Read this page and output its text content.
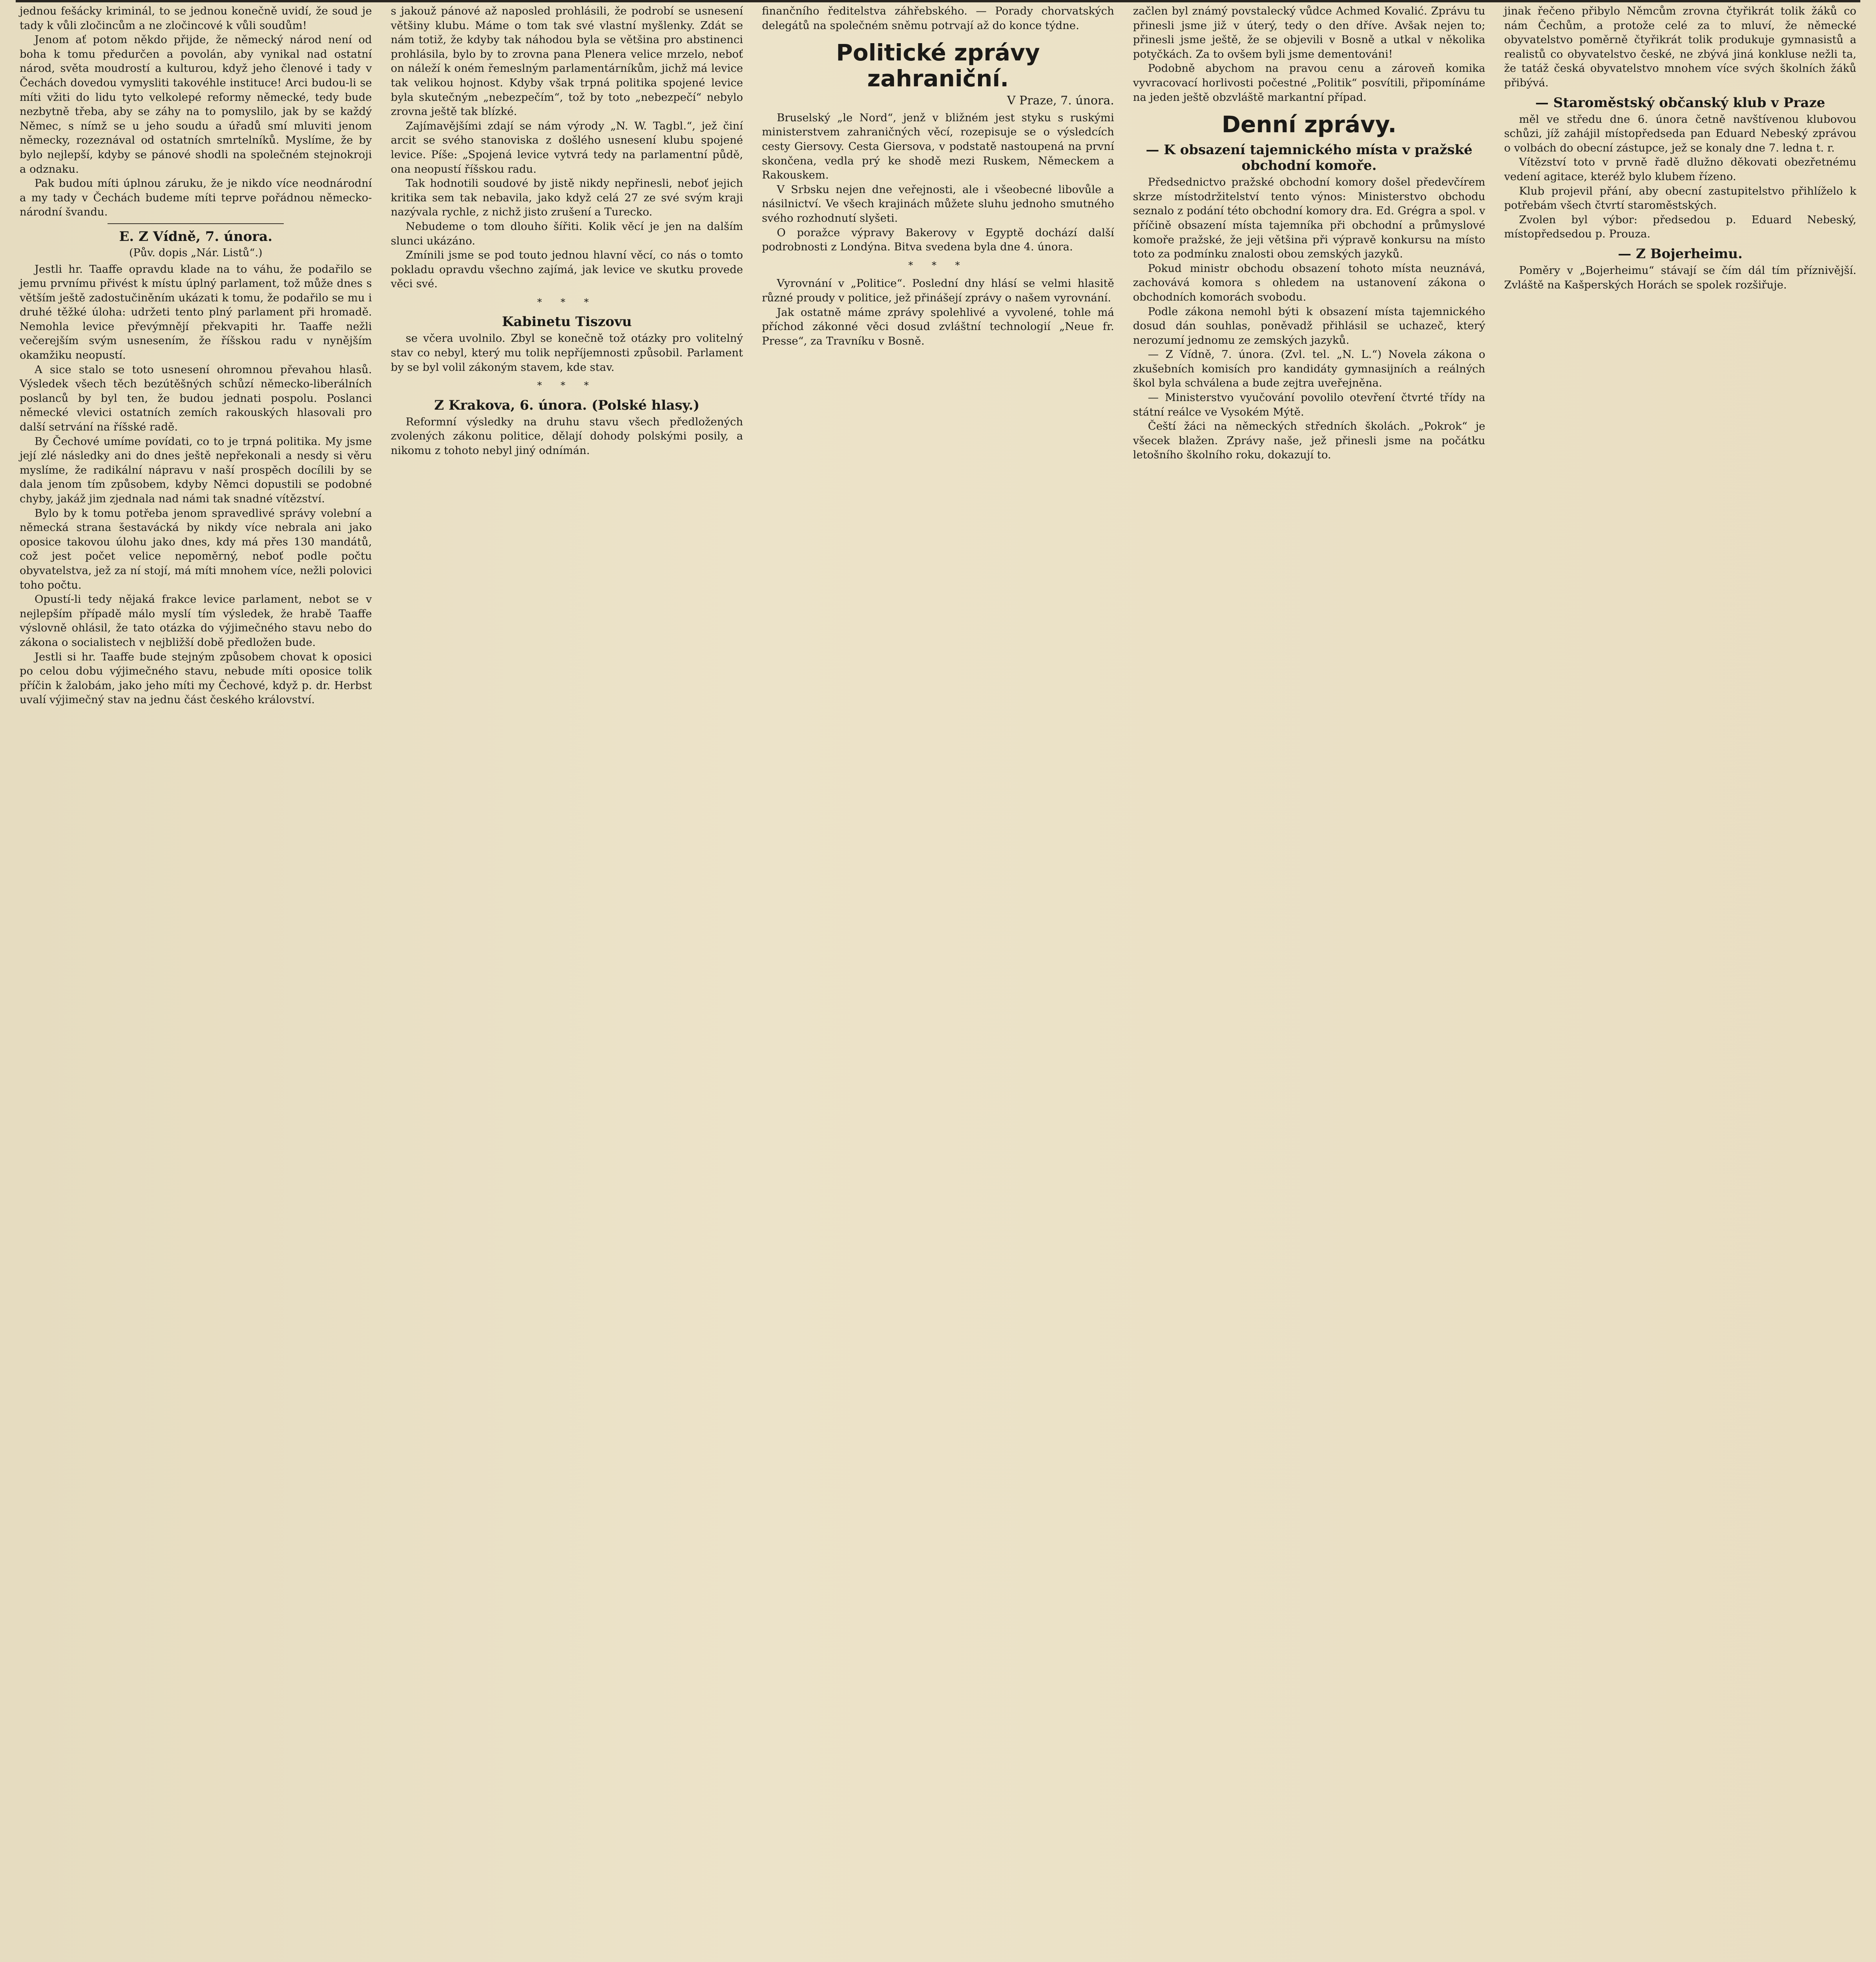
jednou fešácky kriminál, to se jednou konečně uvidí, že soud je tady k vůli zločincům a ne zločincové k vůli soudům!

Jenom ať potom někdo přijde, že německý národ není od boha k tomu předurčen a povolán, aby vynikal nad ostatní národ, světa moudrostí a kulturou, když jeho členové i tady v Čechách dovedou vymysliti takovéhle instituce! Arci budou-li se míti vžiti do lidu tyto velkolepé reformy německé, tedy bude nezbytně třeba, aby se záhy na to pomyslilo, jak by se každý Němec, s nímž se u jeho soudu a úřadů smí mluviti jenom německy, rozeznával od ostatních smrtelníků. Myslíme, že by bylo nejlepší, kdyby se pánové shodli na společném stejnokroji a odznaku.

Pak budou míti úplnou záruku, že je nikdo více neodnárodní a my tady v Čechách budeme míti teprve pořádnou německo-národní švandu.

E. Z Vídně, 7. února.
(Pův. dopis „Nár. Listů“.)

Jestli hr. Taaffe opravdu klade na to váhu, že podařilo se jemu prvnímu přivést k místu úplný parlament, tož může dnes s větším ještě zadostučiněním ukázati k tomu, že podařilo se mu i druhé těžké úloha: udržeti tento plný parlament při hromadě. Nemohla levice převýmnějí překvapiti hr. Taaffe nežli večerejším svým usnesením, že říšskou radu v nynějším okamžiku neopustí.

A sice stalo se toto usnesení ohromnou převahou hlasů. Výsledek všech těch bezútěšných schůzí německo-liberálních poslanců by byl ten, že budou jednati pospolu. Poslanci německé vlevici ostatních zemích rakouských hlasovali pro další setrvání na říšské radě.

By Čechové umíme povídati, co to je trpná politika. My jsme její zlé následky ani do dnes ještě nepřekonali a nesdy si věru myslíme, že radikální nápravu v naší prospěch docílili by se dala jenom tím způsobem, kdyby Němci dopustili se podobné chyby, jakáž jim zjednala nad námi tak snadné vítězství.

Bylo by k tomu potřeba jenom spravedlivé správy volební a německá strana šestavácká by nikdy více nebrala ani jako oposice takovou úlohu jako dnes, kdy má přes 130 mandátů, což jest počet velice nepoměrný, neboť podle počtu obyvatelstva, jež za ní stojí, má míti mnohem více, nežli polovici toho počtu.

Opustí-li tedy nějaká frakce levice parlament, nebot se v nejlepším případě málo myslí tím výsledek, že hrabě Taaffe výslovně ohlásil, že tato otázka do výjimečného stavu nebo do zákona o socialistech v nejbližší době předložen bude.

Jestli si hr. Taaffe bude stejným způsobem chovat k oposici po celou dobu výjimečného stavu, nebude míti oposice tolik příčin k žalobám, jako jeho míti my Čechové, když p. dr. Herbst uvalí výjimečný stav na jednu část českého království.

s jakouž pánové až naposled prohlásili, že podrobí se usnesení většiny klubu. Máme o tom tak své vlastní myšlenky. Zdát se nám totiž, že kdyby tak náhodou byla se většina pro abstinenci prohlásila, bylo by to zrovna pana Plenera velice mrzelo, neboť on náleží k oném řemeslným parlamentárníkům, jichž má levice tak velikou hojnost. Kdyby však trpná politika spojené levice byla skutečným „nebezpečím“, tož by toto „nebezpečí“ nebylo zrovna ještě tak blízké.

Zajímavějšími zdají se nám výrody „N. W. Tagbl.“, jež činí arcit se svého stanoviska z došlého usnesení klubu spojené levice. Píše: „Spojená levice vytvrá tedy na parlamentní půdě, ona neopustí říšskou radu.

Tak hodnotili soudové by jistě nikdy nepřinesli, neboť jejich kritika sem tak nebavila, jako když celá 27 ze své svým kraji nazývala rychle, z nichž jisto zrušení a Turecko.

Nebudeme o tom dlouho šířiti. Kolik věcí je jen na dalším slunci ukázáno.

Zmínili jsme se pod touto jednou hlavní věcí, co nás o tomto pokladu opravdu všechno zajímá, jak levice ve skutku provede věci své.

* * *
Kabinetu Tiszovu

se včera uvolnilo. Zbyl se konečně tož otázky pro volitelný stav co nebyl, který mu tolik nepříjemnosti způsobil. Parlament by se byl volil zákoným stavem, kde stav.

* * *
Z Krakova, 6. února. (Polské hlasy.)

Reformní výsledky na druhu stavu všech předložených zvolených zákonu politice, dělají dohody polskými posily, a nikomu z tohoto nebyl jiný odnímán.

finančního ředitelstva záhřebského. — Porady chorvatských delegátů na společném sněmu potrvají až do konce týdne.

Politické zprávy zahraniční.
V Praze, 7. února.

Bruselský „le Nord“, jenž v bližném jest styku s ruskými ministerstvem zahraničných věcí, rozepisuje se o výsledcích cesty Giersovy. Cesta Giersova, v podstatě nastoupená na první skončena, vedla prý ke shodě mezi Ruskem, Německem a Rakouskem.

V Srbsku nejen dne veřejnosti, ale i všeobecné libovůle a násilnictví. Ve všech krajinách můžete sluhu jednoho smutného svého rozhodnutí slyšeti.

O poražce výpravy Bakerovy v Egyptě dochází další podrobnosti z Londýna. Bitva svedena byla dne 4. února.

* * *

Vyrovnání v „Politice“. Poslední dny hlásí se velmi hlasitě různé proudy v politice, jež přinášejí zprávy o našem vyrovnání.

Jak ostatně máme zprávy spolehlivé a vyvolené, tohle má příchod zákonné věci dosud zvláštní technologií „Neue fr. Presse“, za Travníku v Bosně.

začlen byl známý povstalecký vůdce Achmed Kovalić. Zprávu tu přinesli jsme již v úterý, tedy o den dříve. Avšak nejen to; přinesli jsme ještě, že se objevili v Bosně a utkal v několika potyčkách. Za to ovšem byli jsme dementováni!

Podobně abychom na pravou cenu a zároveň komika vyvracovací horlivosti počestné „Politik“ posvítili, připomínáme na jeden ještě obzvláště markantní případ.

Denní zprávy.
— K obsazení tajemnického místa v pražské obchodní komoře.

Předsednictvo pražské obchodní komory došel předevčírem skrze místodržitelství tento výnos: Ministerstvo obchodu seznalo z podání této obchodní komory dra. Ed. Grégra a spol. v příčině obsazení místa tajemníka při obchodní a průmyslové komoře pražské, že jeji většina při výpravě konkursu na místo toto za podmínku znalosti obou zemských jazyků.

Pokud ministr obchodu obsazení tohoto místa neuznává, zachovává komora s ohledem na ustanovení zákona o obchodních komorách svobodu.

Podle zákona nemohl býti k obsazení místa tajemnického dosud dán souhlas, poněvadž přihlásil se uchazeč, který nerozumí jednomu ze zemských jazyků.

— Z Vídně, 7. února. (Zvl. tel. „N. L.“) Novela zákona o zkušebních komisích pro kandidáty gymnasijních a reálných škol byla schválena a bude zejtra uveřejněna.

— Ministerstvo vyučování povolilo otevření čtvrté třídy na státní reálce ve Vysokém Mýtě.

Čeští žáci na německých středních školách. „Pokrok“ je všecek blažen. Zprávy naše, jež přinesli jsme na počátku letošního školního roku, dokazují to.

jinak řečeno přibylo Němcům zrovna čtyřikrát tolik žáků co nám Čechům, a protože celé za to mluví, že německé obyvatelstvo poměrně čtyřikrát tolik produkuje gymnasistů a realistů co obyvatelstvo české, ne zbývá jiná konkluse nežli ta, že tatáž česká obyvatelstvo mnohem více svých školních žáků přibývá.

— Staroměstský občanský klub v Praze

měl ve středu dne 6. února četně navštívenou klubovou schůzi, jíž zahájil místopředseda pan Eduard Nebeský zprávou o volbách do obecní zástupce, jež se konaly dne 7. ledna t. r.

Vítězství toto v prvně řadě dlužno děkovati obezřetnému vedení agitace, kteréž bylo klubem řízeno.

Klub projevil přání, aby obecní zastupitelstvo přihlíželo k potřebám všech čtvrtí staroměstských.

Zvolen byl výbor: předsedou p. Eduard Nebeský, místopředsedou p. Prouza.

— Z Bojerheimu.

Poměry v „Bojerheimu“ stávají se čím dál tím příznivější. Zvláště na Kašperských Horách se spolek rozšiřuje.
